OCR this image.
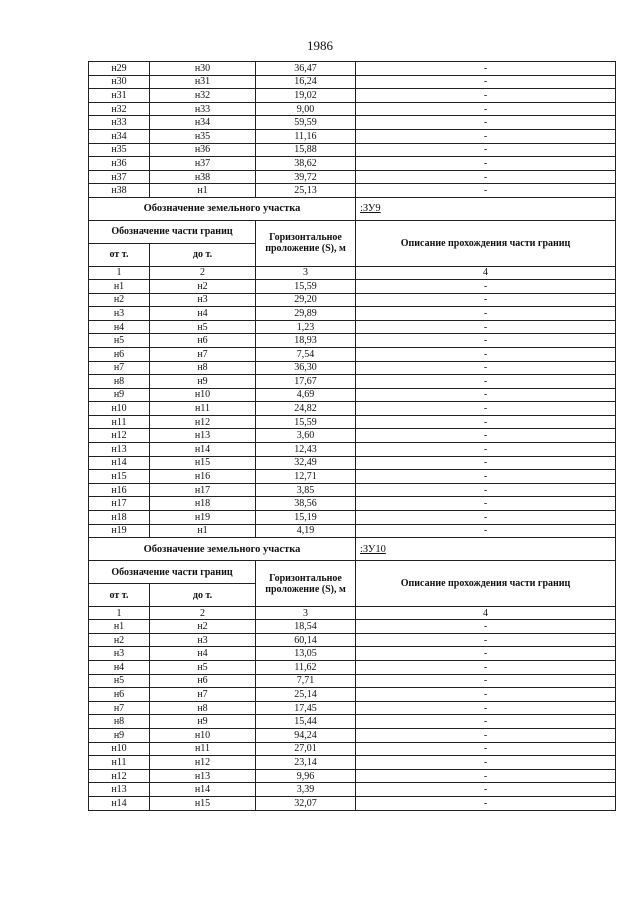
1986
н29	н30	36,47	-
н30	н31	16,24	-
н31	н32	19,02	-
н32	н33	9,00	-
н33	н34	59,59	-
н34	н35	11,16	-
н35	н36	15,88	-
н36	н37	38,62	-
н37	н38	39,72	-
н38	н1	25,13	-
Обозначение земельного участка			:ЗУ9
Обозначение части границ		Горизонтальное проложение (S), м	Описание прохождения части границ
от т.	до т.		
1	2	3	4
н1	н2	15,59	-
н2	н3	29,20	-
н3	н4	29,89	-
н4	н5	1,23	-
н5	н6	18,93	-
н6	н7	7,54	-
н7	н8	36,30	-
н8	н9	17,67	-
н9	н10	4,69	-
н10	н11	24,82	-
н11	н12	15,59	-
н12	н13	3,60	-
н13	н14	12,43	-
н14	н15	32,49	-
н15	н16	12,71	-
н16	н17	3,85	-
н17	н18	38,56	-
н18	н19	15,19	-
н19	н1	4,19	-
Обозначение земельного участка			:ЗУ10
Обозначение части границ		Горизонтальное проложение (S), м	Описание прохождения части границ
от т.	до т.		
1	2	3	4
н1	н2	18,54	-
н2	н3	60,14	-
н3	н4	13,05	-
н4	н5	11,62	-
н5	н6	7,71	-
н6	н7	25,14	-
н7	н8	17,45	-
н8	н9	15,44	-
н9	н10	94,24	-
н10	н11	27,01	-
н11	н12	23,14	-
н12	н13	9,96	-
н13	н14	3,39	-
н14	н15	32,07	-
